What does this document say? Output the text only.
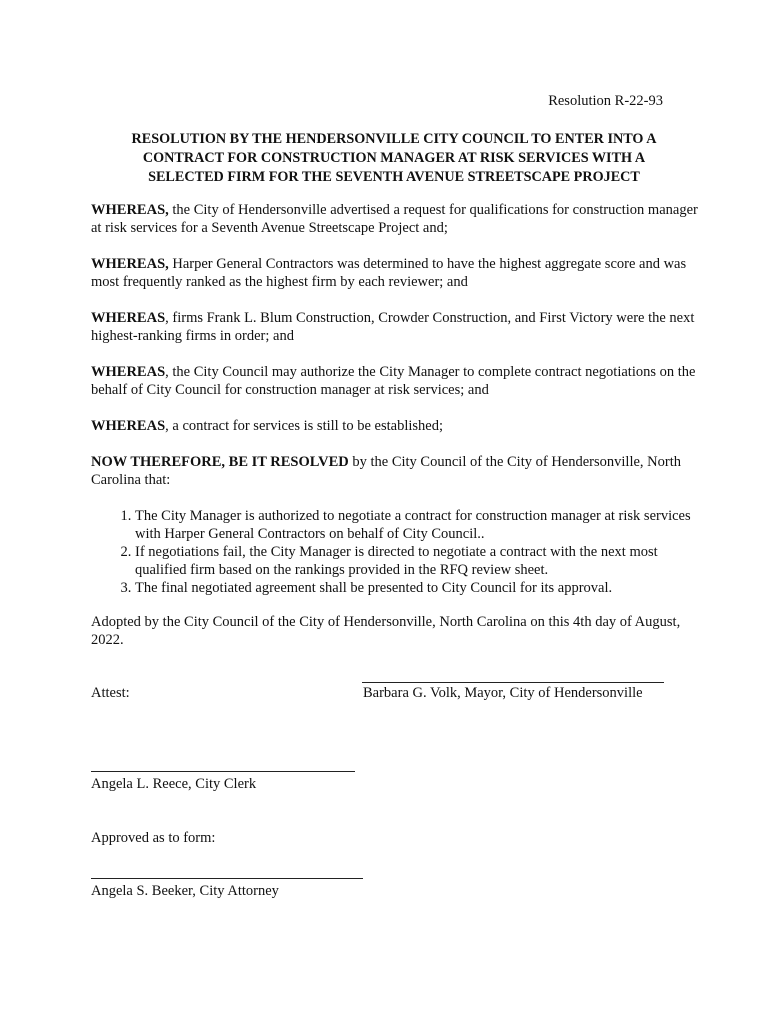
Resolution R-22-93
RESOLUTION BY THE HENDERSONVILLE CITY COUNCIL TO ENTER INTO A
CONTRACT FOR CONSTRUCTION MANAGER AT RISK SERVICES WITH A
SELECTED FIRM FOR THE SEVENTH AVENUE STREETSCAPE PROJECT

WHEREAS, the City of Hendersonville advertised a request for qualifications for construction manager at risk services for a Seventh Avenue Streetscape Project and;

WHEREAS, Harper General Contractors was determined to have the highest aggregate score and was most frequently ranked as the highest firm by each reviewer; and

WHEREAS, firms Frank L. Blum Construction, Crowder Construction, and First Victory were the next highest-ranking firms in order; and

WHEREAS, the City Council may authorize the City Manager to complete contract negotiations on the behalf of City Council for construction manager at risk services; and

WHEREAS, a contract for services is still to be established;

NOW THEREFORE, BE IT RESOLVED by the City Council of the City of Hendersonville, North Carolina that:

1. The City Manager is authorized to negotiate a contract for construction manager at risk services with Harper General Contractors on behalf of City Council..
2. If negotiations fail, the City Manager is directed to negotiate a contract with the next most qualified firm based on the rankings provided in the RFQ review sheet.
3. The final negotiated agreement shall be presented to City Council for its approval.

Adopted by the City Council of the City of Hendersonville, North Carolina on this 4th day of August, 2022.

Attest:	Barbara G. Volk, Mayor, City of Hendersonville
Angela L. Reece, City Clerk
Approved as to form:
Angela S. Beeker, City Attorney
